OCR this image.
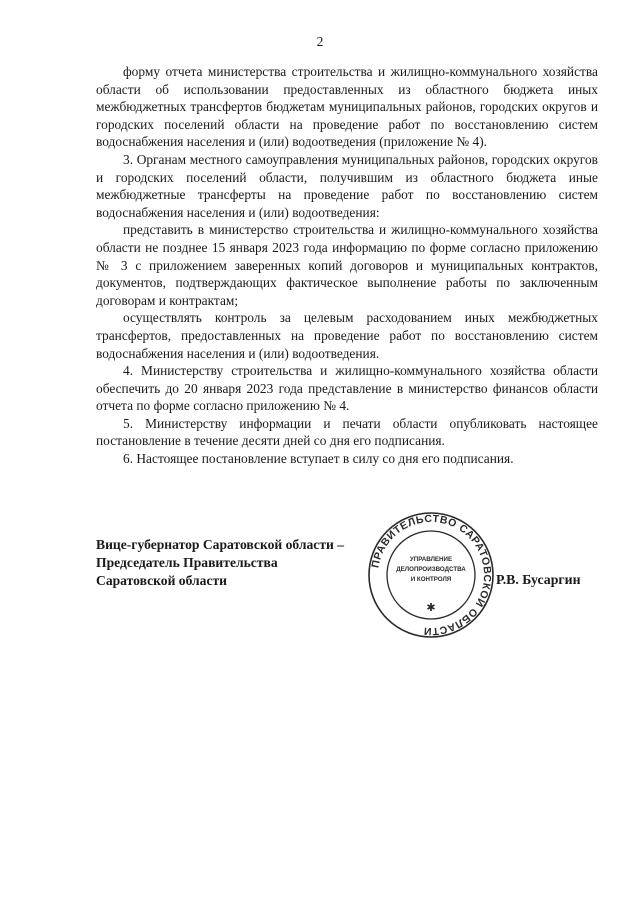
2

форму отчета министерства строительства и жилищно-коммунального хозяйства области об использовании предоставленных из областного бюджета иных межбюджетных трансфертов бюджетам муниципальных районов, городских округов и городских поселений области на проведение работ по восстановлению систем водоснабжения населения и (или) водоотведения (приложение № 4).

3. Органам местного самоуправления муниципальных районов, городских округов и городских поселений области, получившим из областного бюджета иные межбюджетные трансферты на проведение работ по восстановлению систем водоснабжения населения и (или) водоотведения:

представить в министерство строительства и жилищно-коммунального хозяйства области не позднее 15 января 2023 года информацию по форме согласно приложению № 3 с приложением заверенных копий договоров и муниципальных контрактов, документов, подтверждающих фактическое выполнение работы по заключенным договорам и контрактам;

осуществлять контроль за целевым расходованием иных межбюджетных трансфертов, предоставленных на проведение работ по восстановлению систем водоснабжения населения и (или) водоотведения.

4. Министерству строительства и жилищно-коммунального хозяйства области обеспечить до 20 января 2023 года представление в министерство финансов области отчета по форме согласно приложению № 4.

5. Министерству информации и печати области опубликовать настоящее постановление в течение десяти дней со дня его подписания.

6. Настоящее постановление вступает в силу со дня его подписания.

Вице-губернатор Саратовской области –
Председатель Правительства
Саратовской области
ПРАВИТЕЛЬСТВО САРАТОВСКОЙ ОБЛАСТИ
УПРАВЛЕНИЕ
ДЕЛОПРОИЗВОДСТВА
И КОНТРОЛЯ
✱
Р.В. Бусаргин
